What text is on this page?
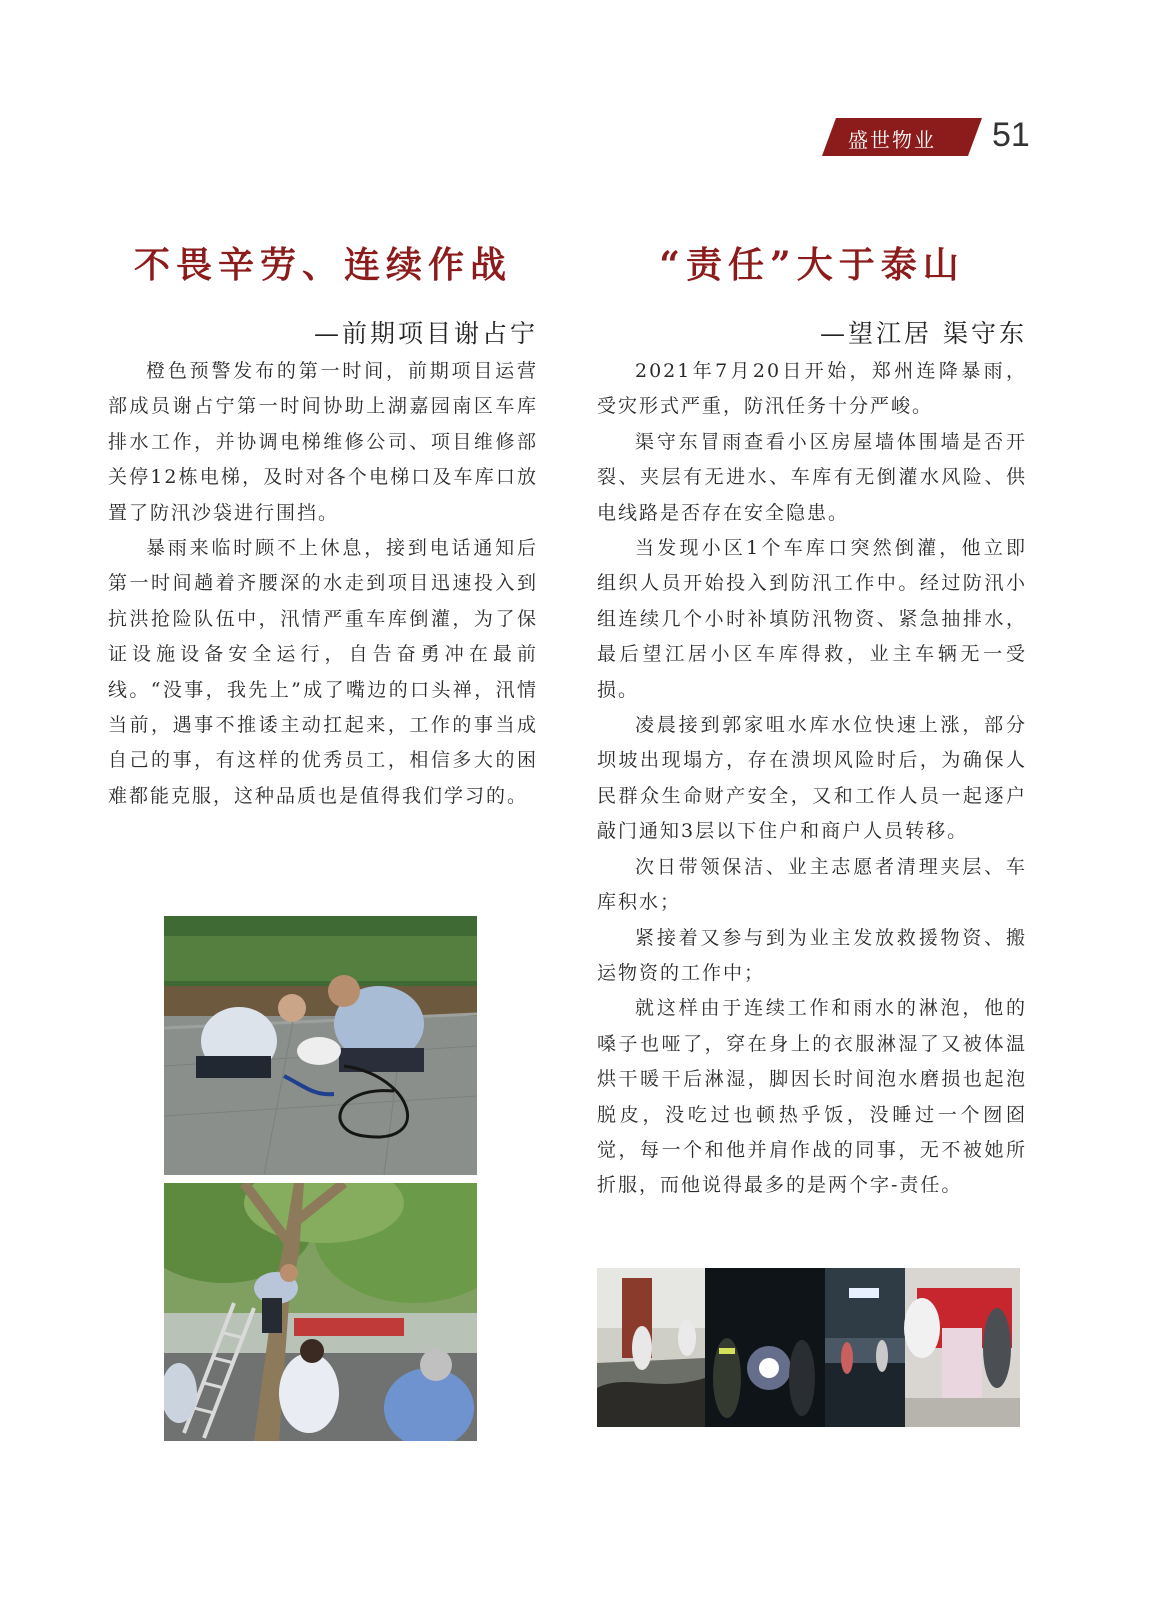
盛世物业 51
不畏辛劳、连续作战
—前期项目谢占宁

橙色预警发布的第一时间，前期项目运营部成员谢占宁第一时间协助上湖嘉园南区车库排水工作，并协调电梯维修公司、项目维修部关停12栋电梯，及时对各个电梯口及车库口放置了防汛沙袋进行围挡。

暴雨来临时顾不上休息，接到电话通知后第一时间趟着齐腰深的水走到项目迅速投入到抗洪抢险队伍中，汛情严重车库倒灌，为了保证设施设备安全运行，自告奋勇冲在最前线。“没事，我先上”成了嘴边的口头禅，汛情当前，遇事不推诿主动扛起来，工作的事当成自己的事，有这样的优秀员工，相信多大的困难都能克服，这种品质也是值得我们学习的。

“责任”大于泰山
—望江居 渠守东

2021年7月20日开始，郑州连降暴雨，受灾形式严重，防汛任务十分严峻。

渠守东冒雨查看小区房屋墙体围墙是否开裂、夹层有无进水、车库有无倒灌水风险、供电线路是否存在安全隐患。

当发现小区1个车库口突然倒灌，他立即组织人员开始投入到防汛工作中。经过防汛小组连续几个小时补填防汛物资、紧急抽排水，最后望江居小区车库得救，业主车辆无一受损。

凌晨接到郭家咀水库水位快速上涨，部分坝坡出现塌方，存在溃坝风险时后，为确保人民群众生命财产安全，又和工作人员一起逐户敲门通知3层以下住户和商户人员转移。

次日带领保洁、业主志愿者清理夹层、车库积水；

紧接着又参与到为业主发放救援物资、搬运物资的工作中；

就这样由于连续工作和雨水的淋泡，他的嗓子也哑了，穿在身上的衣服淋湿了又被体温烘干暖干后淋湿，脚因长时间泡水磨损也起泡脱皮，没吃过也顿热乎饭，没睡过一个囫囵觉，每一个和他并肩作战的同事，无不被她所折服，而他说得最多的是两个字-责任。
